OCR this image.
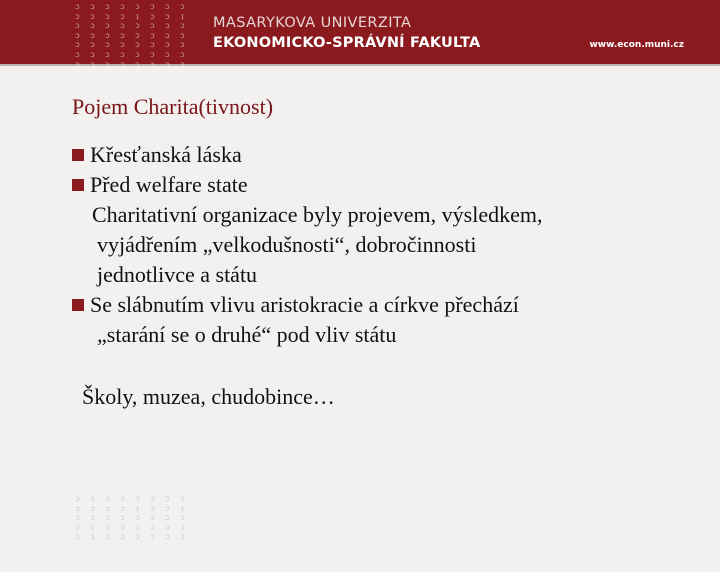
ɔ	ɔ	ɔ	ɔ	ɔ	ɔ	ɔ	ɔ
ɔ	ɔ	ɔ	ɔ	ɪ	ɔ	ɔ	ɪ
ɔ	ɔ	ɔ	ɔ	ɔ	ɔ	ɔ	ɔ
ɔ	ɔ	ɔ	ɔ	ɔ	ɔ	ɔ	ɔ
ɔ	ɔ	ɔ	ɔ	ɔ	ɔ	ɔ	ɔ
ɔ	ɔ	ɔ	ɔ	ɔ	ɔ	ɔ	ɔ
ɔ	ɔ	ɔ	ɔ	ɔ	ɔ	ɔ	ɔ
ɔ	ɔ	ɔ	ɔ	ɔ	ɔ	ɔ	ɔ
MASARYKOVA UNIVERZITA
EKONOMICKO-SPRÁVNÍ FAKULTA	www.econ.muni.cz
Pojem Charita(tivnost)
Křesťanská láska
Před welfare state
Charitativní organizace byly projevem, výsledkem,
vyjádřením „velkodušnosti“, dobročinnosti
jednotlivce a státu
Se slábnutím vlivu aristokracie a církve přechází
„starání se o druhé“ pod vliv státu
Školy, muzea, chudobince…
ɔ	ɔ	ɔ	ɔ	ɔ	ɔ	ɔ	ɔ
ɔ	ɔ	ɔ	ɔ	ɪ	ɔ	ɔ	ɪ
ɔ	ɔ	ɔ	ɔ	ɔ	ɔ	ɔ	ɔ
ɔ	ɔ	ɔ	ɔ	ɔ	ɔ	ɔ	ɔ
ɔ	ɔ	ɔ	ɔ	ɔ	ɔ	ɔ	ɔ
